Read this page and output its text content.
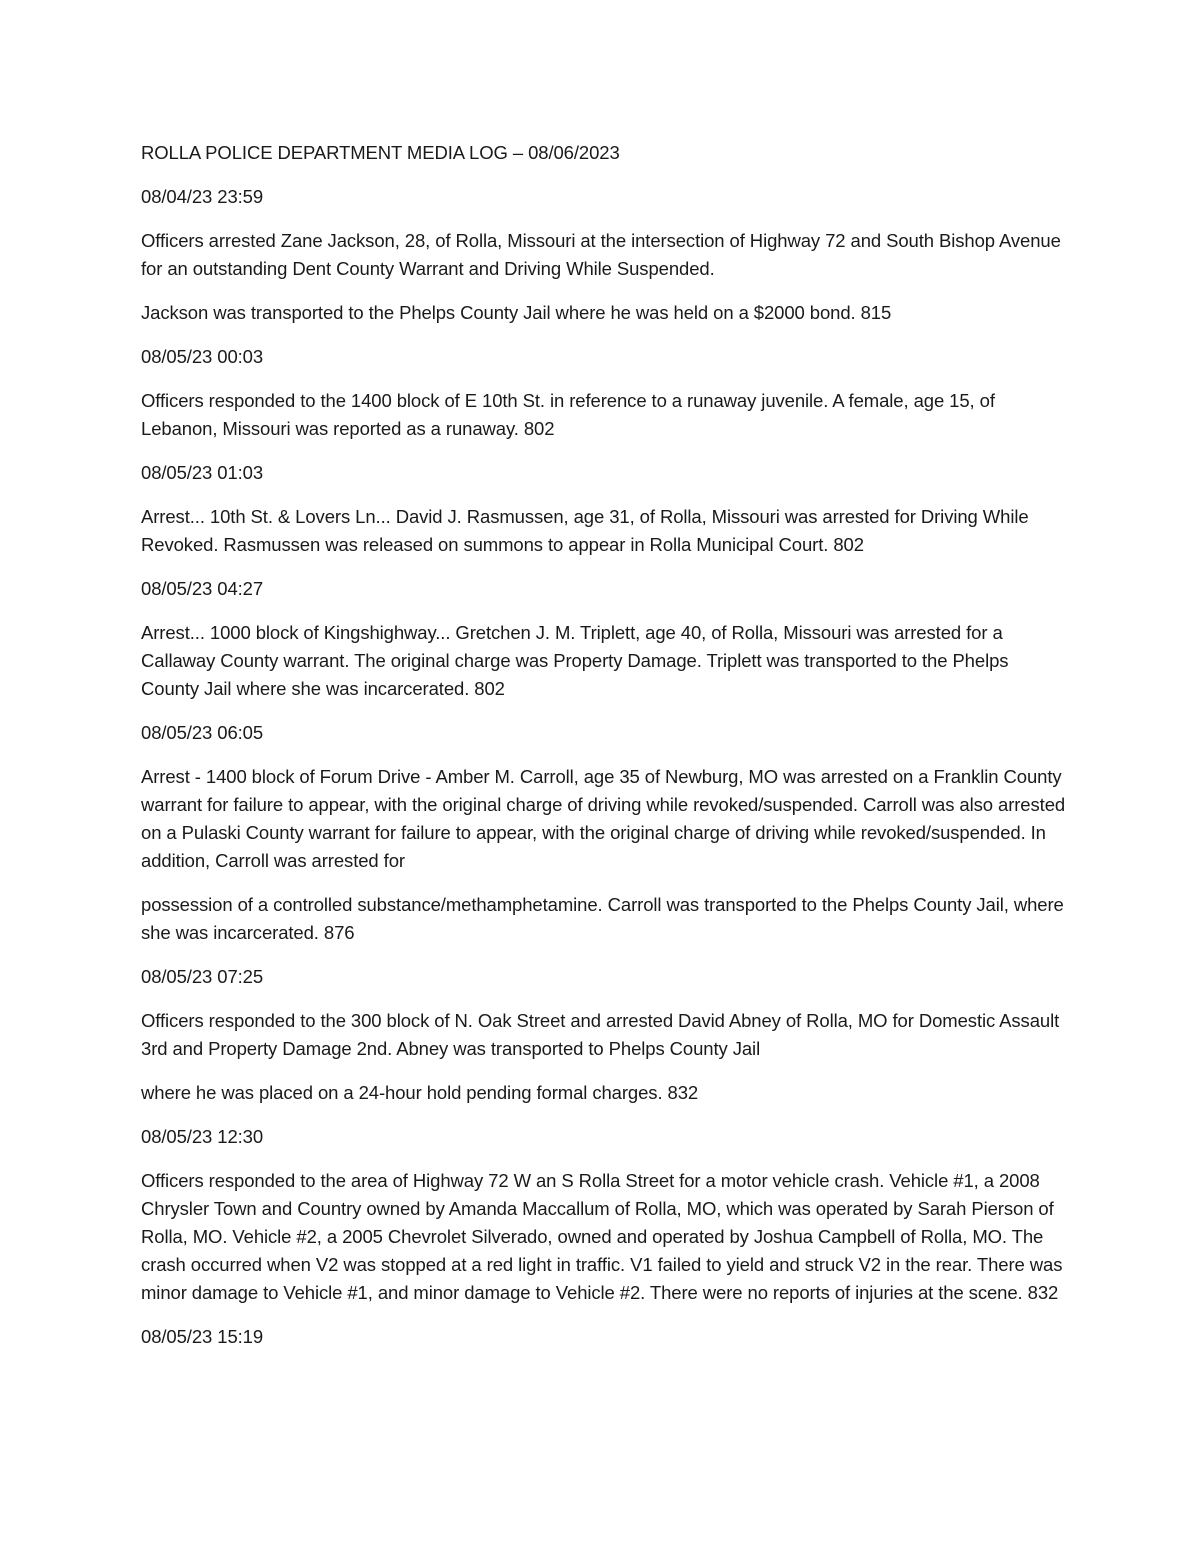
ROLLA POLICE DEPARTMENT MEDIA LOG – 08/06/2023

08/04/23 23:59

Officers arrested Zane Jackson, 28, of Rolla, Missouri at the intersection of Highway 72 and South Bishop Avenue for an outstanding Dent County Warrant and Driving While Suspended.

Jackson was transported to the Phelps County Jail where he was held on a $2000 bond. 815

08/05/23 00:03

Officers responded to the 1400 block of E 10th St. in reference to a runaway juvenile. A female, age 15, of Lebanon, Missouri was reported as a runaway. 802

08/05/23 01:03

Arrest... 10th St. & Lovers Ln... David J. Rasmussen, age 31, of Rolla, Missouri was arrested for Driving While Revoked. Rasmussen was released on summons to appear in Rolla Municipal Court. 802

08/05/23 04:27

Arrest... 1000 block of Kingshighway... Gretchen J. M. Triplett, age 40, of Rolla, Missouri was arrested for a Callaway County warrant. The original charge was Property Damage. Triplett was transported to the Phelps County Jail where she was incarcerated. 802

08/05/23 06:05

Arrest - 1400 block of Forum Drive - Amber M. Carroll, age 35 of Newburg, MO was arrested on a Franklin County warrant for failure to appear, with the original charge of driving while revoked/suspended. Carroll was also arrested on a Pulaski County warrant for failure to appear, with the original charge of driving while revoked/suspended. In addition, Carroll was arrested for

possession of a controlled substance/methamphetamine. Carroll was transported to the Phelps County Jail, where she was incarcerated. 876

08/05/23 07:25

Officers responded to the 300 block of N. Oak Street and arrested David Abney of Rolla, MO for Domestic Assault 3rd and Property Damage 2nd. Abney was transported to Phelps County Jail

where he was placed on a 24-hour hold pending formal charges. 832

08/05/23 12:30

Officers responded to the area of Highway 72 W an S Rolla Street for a motor vehicle crash. Vehicle #1, a 2008 Chrysler Town and Country owned by Amanda Maccallum of Rolla, MO, which was operated by Sarah Pierson of Rolla, MO. Vehicle #2, a 2005 Chevrolet Silverado, owned and operated by Joshua Campbell of Rolla, MO. The crash occurred when V2 was stopped at a red light in traffic. V1 failed to yield and struck V2 in the rear. There was minor damage to Vehicle #1, and minor damage to Vehicle #2. There were no reports of injuries at the scene. 832

08/05/23 15:19
